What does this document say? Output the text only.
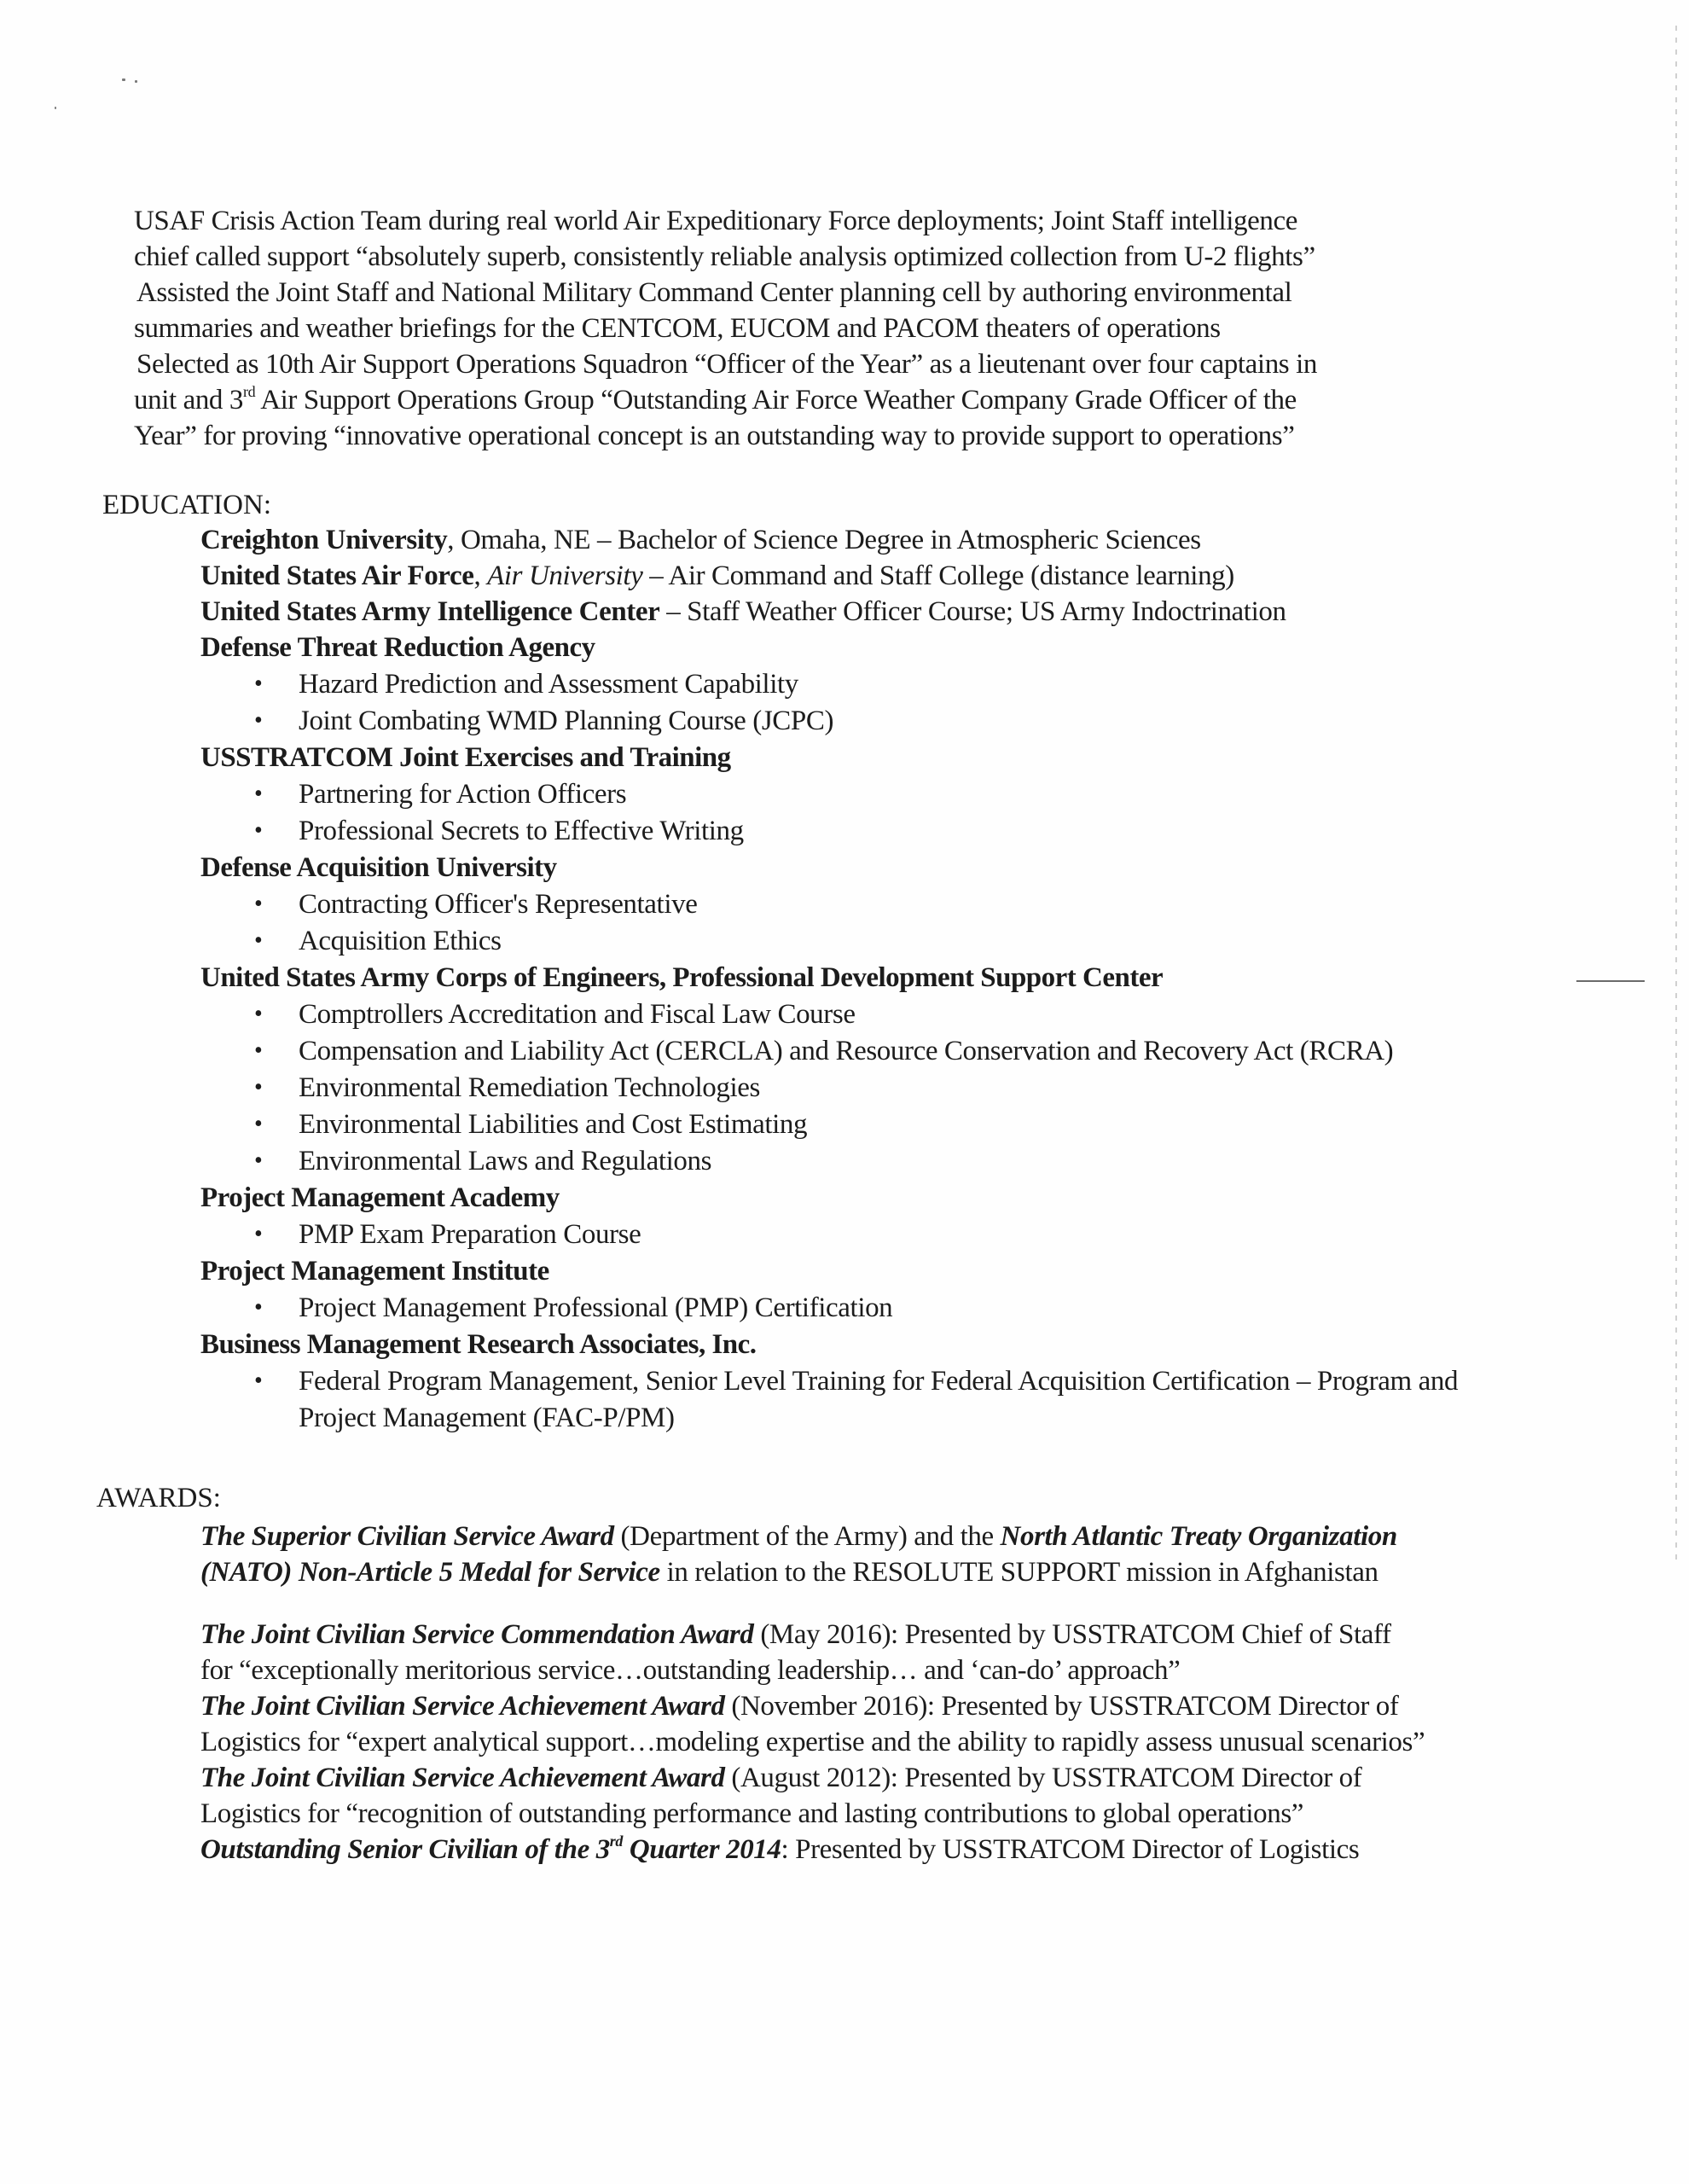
USAF Crisis Action Team during real world Air Expeditionary Force deployments; Joint Staff intelligence
chief called support “absolutely superb, consistently reliable analysis optimized collection from U-2 flights”
Assisted the Joint Staff and National Military Command Center planning cell by authoring environmental
summaries and weather briefings for the CENTCOM, EUCOM and PACOM theaters of operations
Selected as 10th Air Support Operations Squadron “Officer of the Year” as a lieutenant over four captains in
unit and 3rd Air Support Operations Group “Outstanding Air Force Weather Company Grade Officer of the
Year” for proving “innovative operational concept is an outstanding way to provide support to operations”
EDUCATION:
Creighton University, Omaha, NE – Bachelor of Science Degree in Atmospheric Sciences
United States Air Force, Air University – Air Command and Staff College (distance learning)
United States Army Intelligence Center – Staff Weather Officer Course; US Army Indoctrination
Defense Threat Reduction Agency
• Hazard Prediction and Assessment Capability
• Joint Combating WMD Planning Course (JCPC)
USSTRATCOM Joint Exercises and Training
• Partnering for Action Officers
• Professional Secrets to Effective Writing
Defense Acquisition University
• Contracting Officer's Representative
• Acquisition Ethics
United States Army Corps of Engineers, Professional Development Support Center
• Comptrollers Accreditation and Fiscal Law Course
• Compensation and Liability Act (CERCLA) and Resource Conservation and Recovery Act (RCRA)
• Environmental Remediation Technologies
• Environmental Liabilities and Cost Estimating
• Environmental Laws and Regulations
Project Management Academy
• PMP Exam Preparation Course
Project Management Institute
• Project Management Professional (PMP) Certification
Business Management Research Associates, Inc.
• Federal Program Management, Senior Level Training for Federal Acquisition Certification – Program and
Project Management (FAC-P/PM)
AWARDS:
The Superior Civilian Service Award (Department of the Army) and the North Atlantic Treaty Organization
(NATO) Non-Article 5 Medal for Service in relation to the RESOLUTE SUPPORT mission in Afghanistan
The Joint Civilian Service Commendation Award (May 2016): Presented by USSTRATCOM Chief of Staff
for “exceptionally meritorious service…outstanding leadership… and ‘can-do’ approach”
The Joint Civilian Service Achievement Award (November 2016): Presented by USSTRATCOM Director of
Logistics for “expert analytical support…modeling expertise and the ability to rapidly assess unusual scenarios”
The Joint Civilian Service Achievement Award (August 2012): Presented by USSTRATCOM Director of
Logistics for “recognition of outstanding performance and lasting contributions to global operations”
Outstanding Senior Civilian of the 3rd Quarter 2014: Presented by USSTRATCOM Director of Logistics
